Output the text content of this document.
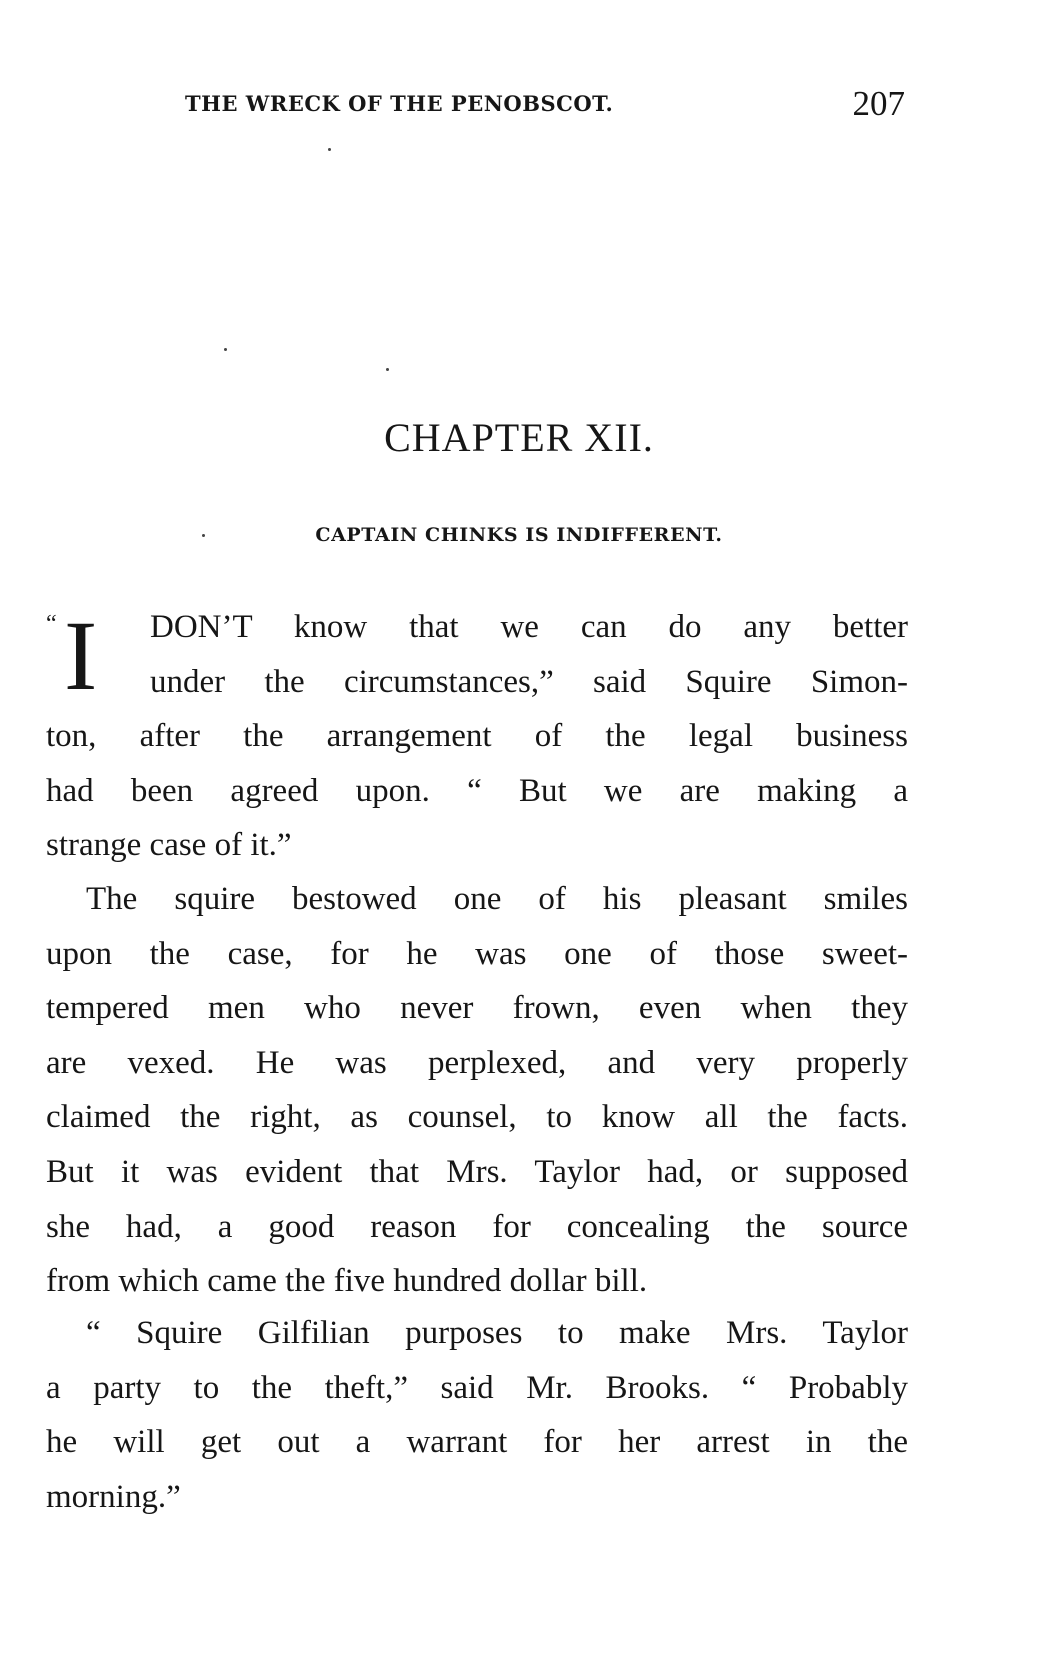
THE WRECK OF THE PENOBSCOT.	207
CHAPTER XII.
CAPTAIN CHINKS IS INDIFFERENT.
“ I DON’T know that we can do any better
under the circumstances,” said Squire Simon-
ton, after the arrangement of the legal business
had been agreed upon. “ But we are making a
strange case of it.”
The squire bestowed one of his pleasant smiles
upon the case, for he was one of those sweet-
tempered men who never frown, even when they
are vexed. He was perplexed, and very properly
claimed the right, as counsel, to know all the facts.
But it was evident that Mrs. Taylor had, or supposed
she had, a good reason for concealing the source
from which came the five hundred dollar bill.
“ Squire Gilfilian purposes to make Mrs. Taylor
a party to the theft,” said Mr. Brooks. “ Probably
he will get out a warrant for her arrest in the
morning.”
